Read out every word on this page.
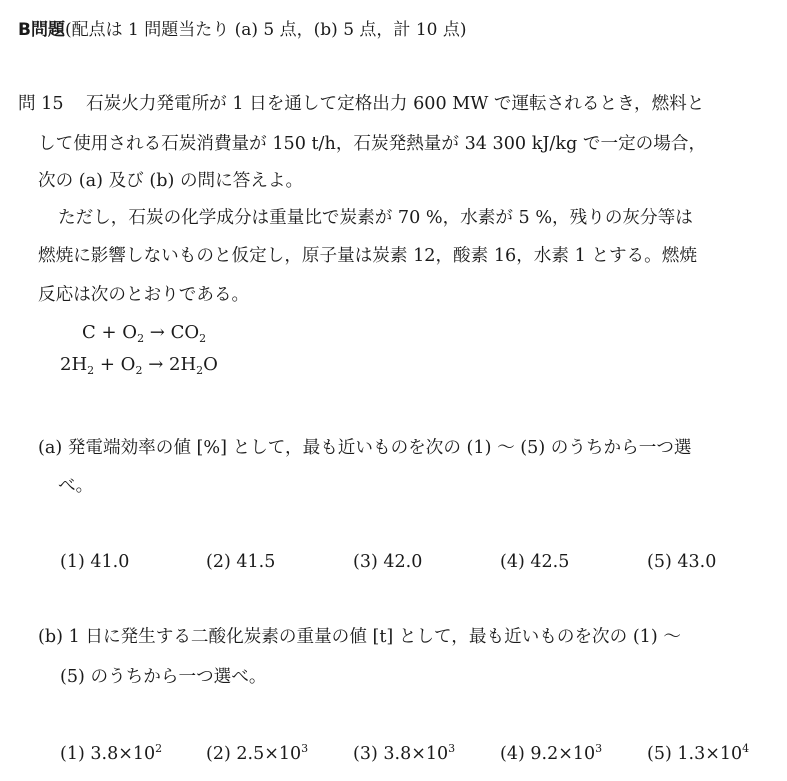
B問題(配点は 1 問題当たり (a) 5 点，(b) 5 点，計 10 点)
問 15 石炭火力発電所が 1 日を通して定格出力 600 MW で運転されるとき，燃料と
して使用される石炭消費量が 150 t/h，石炭発熱量が 34 300 kJ/kg で一定の場合，
次の (a) 及び (b) の問に答えよ。
ただし，石炭の化学成分は重量比で炭素が 70 %，水素が 5 %，残りの灰分等は
燃焼に影響しないものと仮定し，原子量は炭素 12，酸素 16，水素 1 とする。燃焼
反応は次のとおりである。
$C + O_2 \to CO_2$
$2H_2 + O_2 \to 2H_2O$
(a) 発電端効率の値 [%] として，最も近いものを次の (1) ～ (5) のうちから一つ選
べ。
(1) 41.0	(2) 41.5	(3) 42.0	(4) 42.5	(5) 43.0
(b) 1 日に発生する二酸化炭素の重量の値 [t] として，最も近いものを次の (1) ～
(5) のうちから一つ選べ。
(1) $3.8\times 10^2$	(2) $2.5\times 10^3$	(3) $3.8\times 10^3$	(4) $9.2\times 10^3$	(5) $1.3\times 10^4$
